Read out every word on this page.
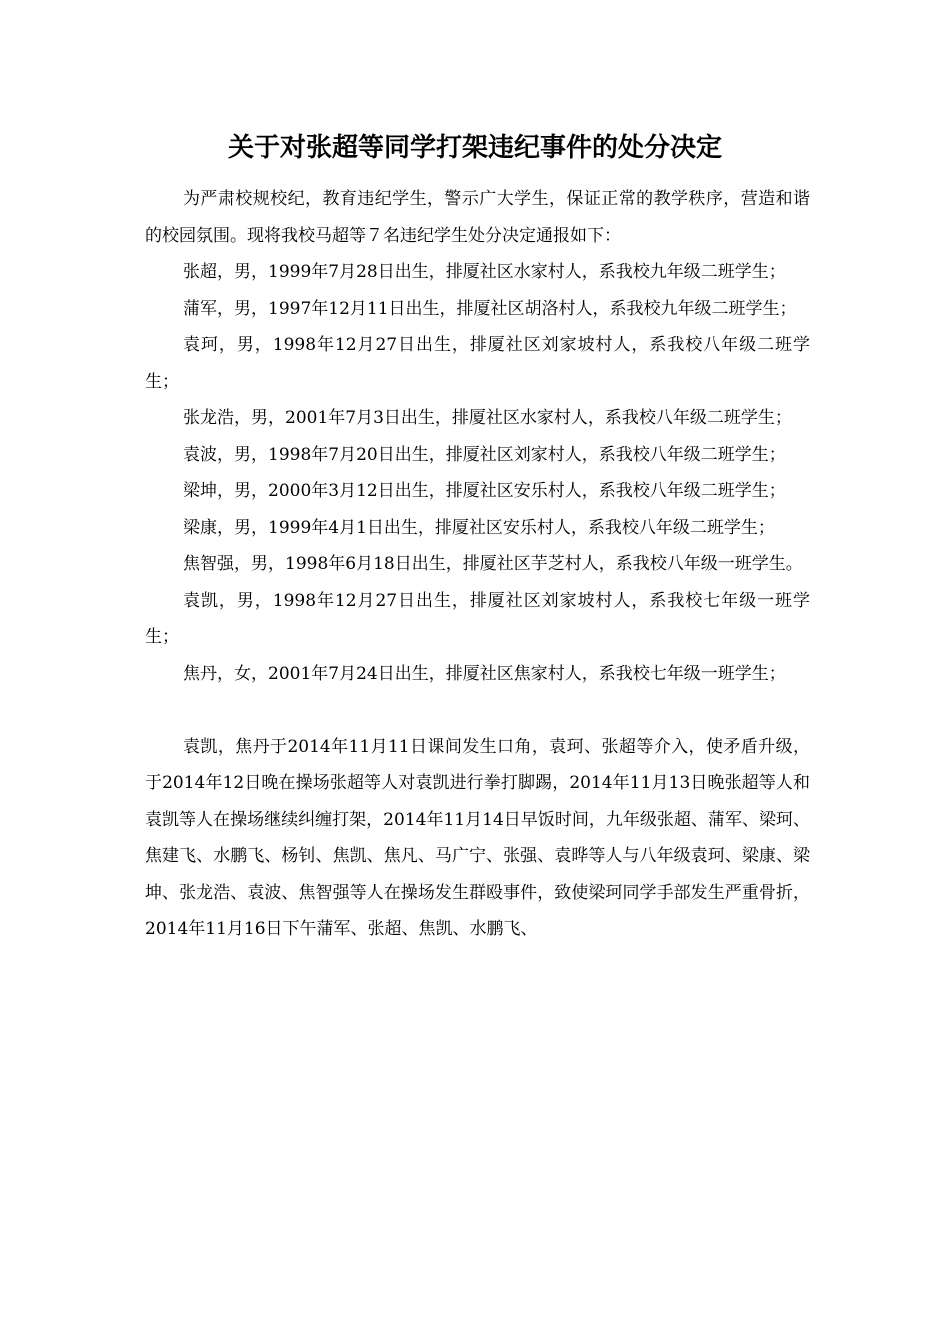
关于对张超等同学打架违纪事件的处分决定

为严肃校规校纪，教育违纪学生，警示广大学生，保证正常的教学秩序，营造和谐的校园氛围。现将我校马超等７名违纪学生处分决定通报如下：

张超，男，1999年7月28日出生，排厦社区水家村人，系我校九年级二班学生；

蒲军，男，1997年12月11日出生，排厦社区胡洛村人，系我校九年级二班学生；

袁珂，男，1998年12月27日出生，排厦社区刘家坡村人，系我校八年级二班学生；

张龙浩，男，2001年7月3日出生，排厦社区水家村人，系我校八年级二班学生；

袁波，男，1998年7月20日出生，排厦社区刘家村人，系我校八年级二班学生；

梁坤，男，2000年3月12日出生，排厦社区安乐村人，系我校八年级二班学生；

梁康，男，1999年4月1日出生，排厦社区安乐村人，系我校八年级二班学生；

焦智强，男，1998年6月18日出生，排厦社区芋芝村人，系我校八年级一班学生。

袁凯，男，1998年12月27日出生，排厦社区刘家坡村人，系我校七年级一班学生；

焦丹，女，2001年7月24日出生，排厦社区焦家村人，系我校七年级一班学生；

袁凯，焦丹于2014年11月11日课间发生口角，袁珂、张超等介入，使矛盾升级，于2014年12日晚在操场张超等人对袁凯进行拳打脚踢，2014年11月13日晚张超等人和袁凯等人在操场继续纠缠打架，2014年11月14日早饭时间，九年级张超、蒲军、梁珂、焦建飞、水鹏飞、杨钊、焦凯、焦凡、马广宁、张强、袁晔等人与八年级袁珂、梁康、梁坤、张龙浩、袁波、焦智强等人在操场发生群殴事件，致使梁珂同学手部发生严重骨折，2014年11月16日下午蒲军、张超、焦凯、水鹏飞、
